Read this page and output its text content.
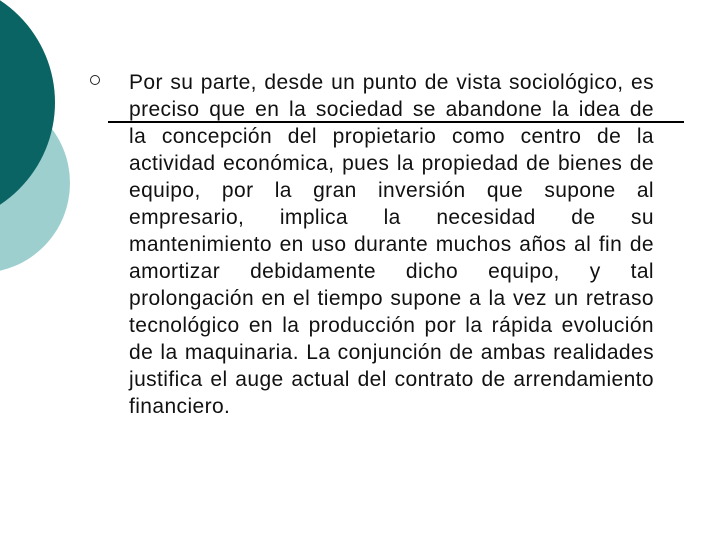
Por su parte, desde un punto de vista sociológico, es preciso que en la sociedad se abandone la idea de la concepción del propietario como centro de la actividad económica, pues la propiedad de bienes de equipo, por la gran inversión que supone al empresario, implica la necesidad de su mantenimiento en uso durante muchos años al fin de amortizar debidamente dicho equipo, y tal prolongación en el tiempo supone a la vez un retraso tecnológico en la producción por la rápida evolución de la maquinaria. La conjunción de ambas realidades justifica el auge actual del contrato de arrendamiento financiero.
